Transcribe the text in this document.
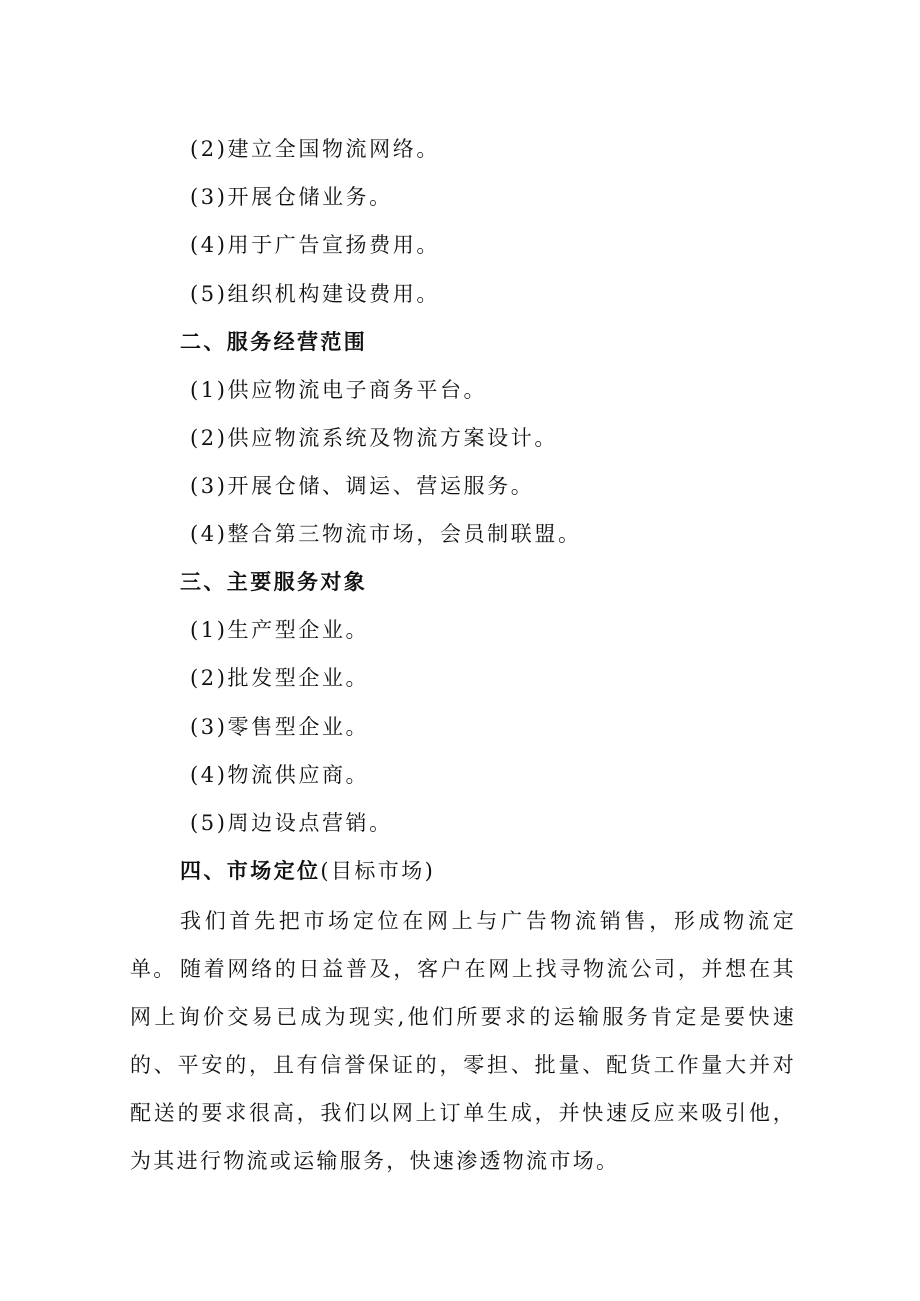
(2)建立全国物流网络。
(3)开展仓储业务。
(4)用于广告宣扬费用。
(5)组织机构建设费用。
二、服务经营范围
(1)供应物流电子商务平台。
(2)供应物流系统及物流方案设计。
(3)开展仓储、调运、营运服务。
(4)整合第三物流市场，会员制联盟。
三、主要服务对象
(1)生产型企业。
(2)批发型企业。
(3)零售型企业。
(4)物流供应商。
(5)周边设点营销。
四、市场定位(目标市场)
我们首先把市场定位在网上与广告物流销售，形成物流定单。 随着网络的日益普及，客户在网上找寻物流公司，并想在其网上询价交易已成为现实,他们所要求的运输服务肯定是要快速的、平安的，且有信誉保证的，零担、批量、配货工作量大并对配送的要求很高，我们以网上订单生成，并快速反应来吸引他，为其进行物流或运输服务，快速渗透物流市场。
